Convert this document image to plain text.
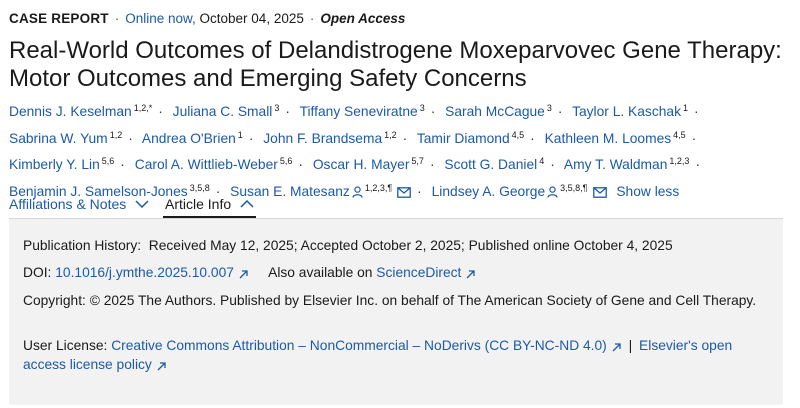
CASE REPORT · Online now, October 04, 2025 · Open Access
Real-World Outcomes of Delandistrogene Moxeparvovec Gene Therapy: Motor Outcomes and Emerging Safety Concerns
Dennis J. Keselman $^{1,2,*}$ · Juliana C. Small $^3$ · Tiffany Seneviratne $^3$ · Sarah McCague $^3$ · Taylor L. Kaschak $^1$ · Sabrina W. Yum $^{1,2}$ · Andrea O'Brien $^1$ · John F. Brandsema $^{1,2}$ · Tamir Diamond $^{4,5}$ · Kathleen M. Loomes $^{4,5}$ · Kimberly Y. Lin $^{5,6}$ · Carol A. Wittlieb-Weber $^{5,6}$ · Oscar H. Mayer $^{5,7}$ · Scott G. Daniel $^4$ · Amy T. Waldman $^{1,2,3}$ · Benjamin J. Samelson-Jones $^{3,5,8}$ · Susan E. Matesanz $^{1,2,3,\P}$ · Lindsey A. George $^{3,5,8,\P}$ Show less
Affiliations & Notes	Article Info
Publication History: Received May 12, 2025; Accepted October 2, 2025; Published online October 4, 2025
DOI: 10.1016/j.ymthe.2025.10.007 Also available on ScienceDirect
Copyright: © 2025 The Authors. Published by Elsevier Inc. on behalf of The American Society of Gene and Cell Therapy.
User License: Creative Commons Attribution – NonCommercial – NoDerivs (CC BY-NC-ND 4.0) | Elsevier's open access license policy
